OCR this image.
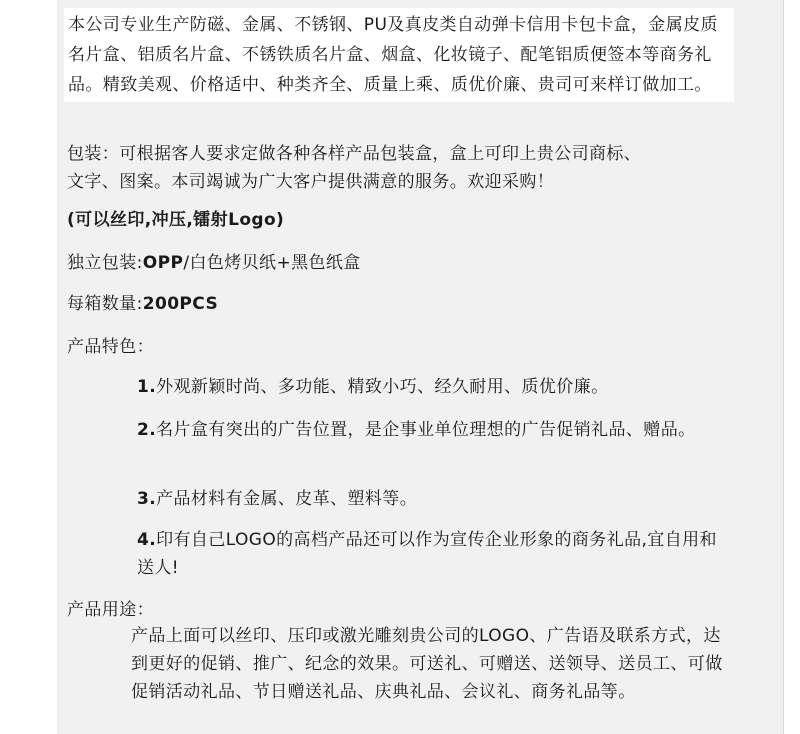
本公司专业生产防磁、金属、不锈钢、PU及真皮类自动弹卡信用卡包卡盒，金属皮质名片盒、铝质名片盒、不锈铁质名片盒、烟盒、化妆镜子、配笔铝质便签本等商务礼品。精致美观、价格适中、种类齐全、质量上乘、质优价廉、贵司可来样订做加工。
包装：可根据客人要求定做各种各样产品包装盒，盒上可印上贵公司商标、
文字、图案。本司竭诚为广大客户提供满意的服务。欢迎采购！
(可以丝印,冲压,镭射Logo)
独立包装:OPP/白色烤贝纸+黑色纸盒
每箱数量:200PCS
产品特色：
1.外观新颖时尚、多功能、精致小巧、经久耐用、质优价廉。
2.名片盒有突出的广告位置，是企事业单位理想的广告促销礼品、赠品。
3.产品材料有金属、皮革、塑料等。
4.印有自己LOGO的高档产品还可以作为宣传企业形象的商务礼品,宜自用和送人!
产品用途：
产品上面可以丝印、压印或激光雕刻贵公司的LOGO、广告语及联系方式，达到更好的促销、推广、纪念的效果。可送礼、可赠送、送领导、送员工、可做促销活动礼品、节日赠送礼品、庆典礼品、会议礼、商务礼品等。
